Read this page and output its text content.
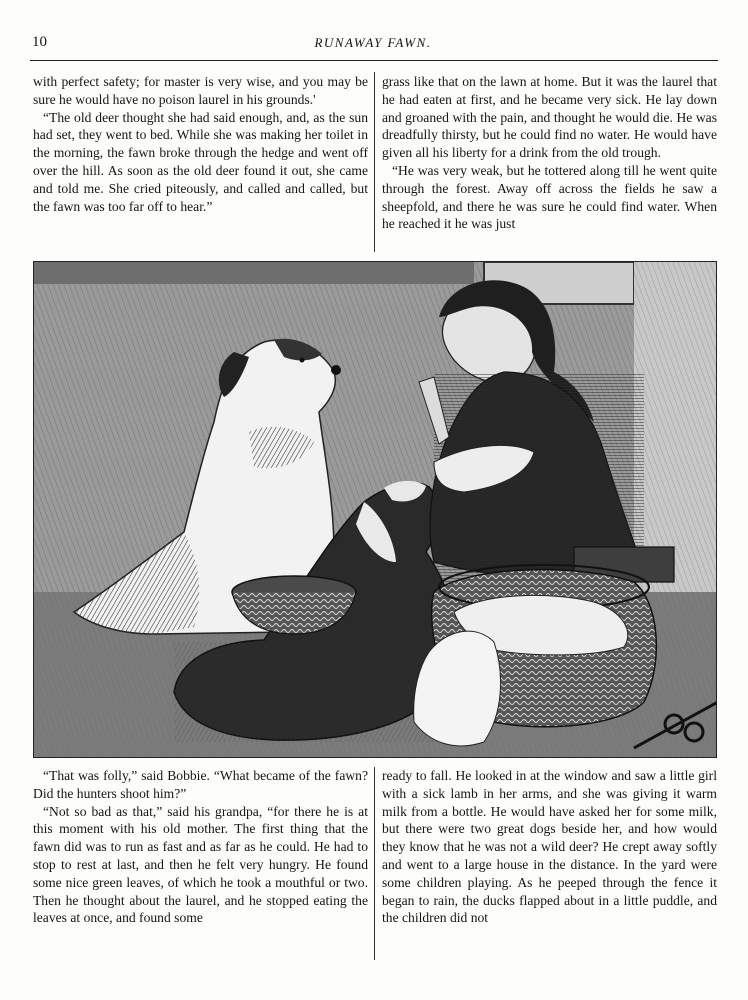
10	RUNAWAY FAWN.

with perfect safety; for master is very wise, and you may be sure he would have no poison laurel in his grounds.'

“The old deer thought she had said enough, and, as the sun had set, they went to bed. While she was making her toilet in the morning, the fawn broke through the hedge and went off over the hill. As soon as the old deer found it out, she came and told me. She cried piteously, and called and called, but the fawn was too far off to hear.”

grass like that on the lawn at home. But it was the laurel that he had eaten at first, and he became very sick. He lay down and groaned with the pain, and thought he would die. He was dreadfully thirsty, but he could find no water. He would have given all his liberty for a drink from the old trough.

“He was very weak, but he tottered along till he went quite through the forest. Away off across the fields he saw a sheepfold, and there he was sure he could find water. When he reached it he was just

“That was folly,” said Bobbie. “What became of the fawn? Did the hunters shoot him?”

“Not so bad as that,” said his grandpa, “for there he is at this moment with his old mother. The first thing that the fawn did was to run as fast and as far as he could. He had to stop to rest at last, and then he felt very hungry. He found some nice green leaves, of which he took a mouthful or two. Then he thought about the laurel, and he stopped eating the leaves at once, and found some

ready to fall. He looked in at the window and saw a little girl with a sick lamb in her arms, and she was giving it warm milk from a bottle. He would have asked her for some milk, but there were two great dogs beside her, and how would they know that he was not a wild deer? He crept away softly and went to a large house in the distance. In the yard were some children playing. As he peeped through the fence it began to rain, the ducks flapped about in a little puddle, and the children did not
